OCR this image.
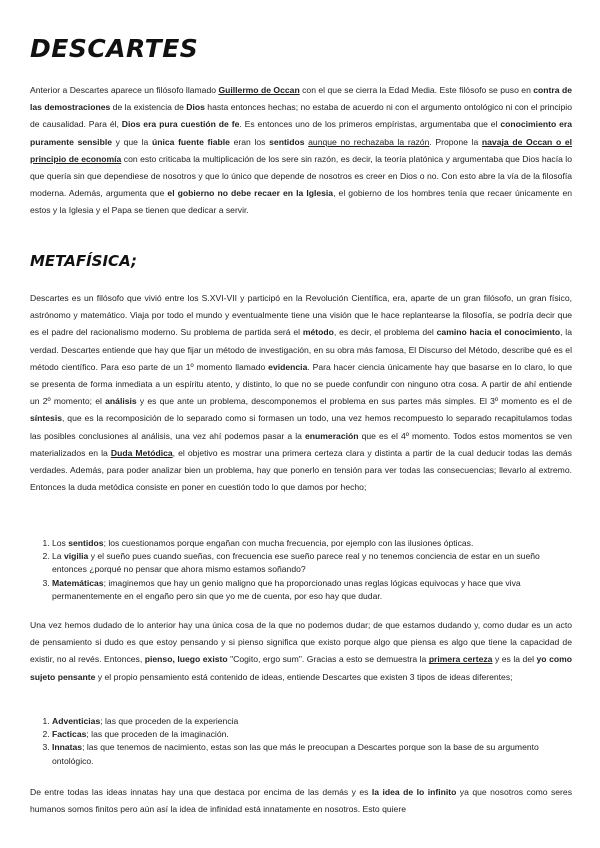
DESCARTES

Anterior a Descartes aparece un filósofo llamado Guillermo de Occan con el que se cierra la Edad Media. Este filósofo se puso en contra de las demostraciones de la existencia de Dios hasta entonces hechas; no estaba de acuerdo ni con el argumento ontológico ni con el principio de causalidad. Para él, Dios era pura cuestión de fe. Es entonces uno de los primeros empíristas, argumentaba que el conocimiento era puramente sensible y que la única fuente fiable eran los sentidos aunque no rechazaba la razón. Propone la navaja de Occan o el principio de economía con esto criticaba la multiplicación de los sere sin razón, es decir, la teoría platónica y argumentaba que Dios hacía lo que quería sin que dependiese de nosotros y que lo único que depende de nosotros es creer en Dios o no. Con esto abre la vía de la filosofía moderna. Además, argumenta que el gobierno no debe recaer en la Iglesia, el gobierno de los hombres tenía que recaer únicamente en estos y la Iglesia y el Papa se tienen que dedicar a servir.

METAFÍSICA;

Descartes es un filósofo que vivió entre los S.XVI-VII y participó en la Revolución Científica, era, aparte de un gran filósofo, un gran físico, astrónomo y matemático. Viaja por todo el mundo y eventualmente tiene una visión que le hace replantearse la filosofía, se podría decir que es el padre del racionalismo moderno. Su problema de partida será el método, es decir, el problema del camino hacia el conocimiento, la verdad. Descartes entiende que hay que fijar un método de investigación, en su obra más famosa, El Discurso del Método, describe qué es el método científico. Para eso parte de un 1º momento llamado evidencia. Para hacer ciencia únicamente hay que basarse en lo claro, lo que se presenta de forma inmediata a un espíritu atento, y distinto, lo que no se puede confundir con ninguno otra cosa. A partir de ahí entiende un 2º momento; el análisis y es que ante un problema, descomponemos el problema en sus partes más simples. El 3º momento es el de síntesis, que es la recomposición de lo separado como si formasen un todo, una vez hemos recompuesto lo separado recapitulamos todas las posibles conclusiones al análisis, una vez ahí podemos pasar a la enumeración que es el 4º momento. Todos estos momentos se ven materializados en la Duda Metódica, el objetivo es mostrar una primera certeza clara y distinta a partir de la cual deducir todas las demás verdades. Además, para poder analizar bien un problema, hay que ponerlo en tensión para ver todas las consecuencias; llevarlo al extremo. Entonces la duda metódica consiste en poner en cuestión todo lo que damos por hecho;

1. Los sentidos; los cuestionamos porque engañan con mucha frecuencia, por ejemplo con las ilusiones ópticas.
2. La vigilia y el sueño pues cuando sueñas, con frecuencia ese sueño parece real y no tenemos conciencia de estar en un sueño entonces ¿porqué no pensar que ahora mismo estamos soñando?
3. Matemáticas; imaginemos que hay un genio maligno que ha proporcionado unas reglas lógicas equivocas y hace que viva permanentemente en el engaño pero sin que yo me de cuenta, por eso hay que dudar.

Una vez hemos dudado de lo anterior hay una única cosa de la que no podemos dudar; de que estamos dudando y, como dudar es un acto de pensamiento si dudo es que estoy pensando y si pienso significa que existo porque algo que piensa es algo que tiene la capacidad de existir, no al revés. Entonces, pienso, luego existo "Cogito, ergo sum". Gracias a esto se demuestra la primera certeza y es la del yo como sujeto pensante y el propio pensamiento está contenido de ideas, entiende Descartes que existen 3 tipos de ideas diferentes;

1. Adventicias; las que proceden de la experiencia
2. Facticas; las que proceden de la imaginación.
3. Innatas; las que tenemos de nacimiento, estas son las que más le preocupan a Descartes porque son la base de su argumento ontológico.

De entre todas las ideas innatas hay una que destaca por encima de las demás y es la idea de lo infinito ya que nosotros como seres humanos somos finitos pero aún así la idea de infinidad está innatamente en nosotros. Esto quiere
